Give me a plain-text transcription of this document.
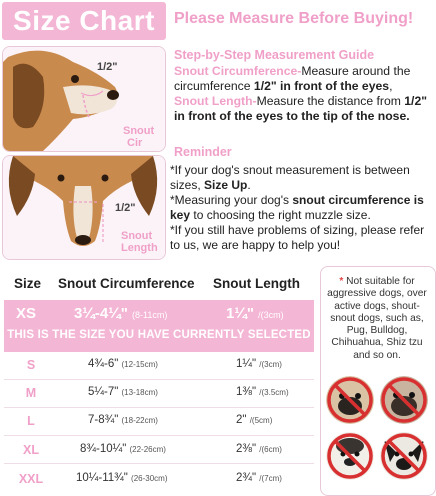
Size Chart Please Measure Before Buying!
1/2"
Snout
Cir
1/2"
Snout
Length
Step-by-Step Measurement Guide
Snout Circumference-Measure around the circumference 1/2" in front of the eyes,
Snout Length-Measure the distance from 1/2" in front of the eyes to the tip of the nose.
Reminder
*If your dog's snout measurement is between sizes, Size Up.
*Measuring your dog's snout circumference is key to choosing the right muzzle size.
*If you still have problems of sizing, please refer to us, we are happy to help you!
Size Snout Circumference Snout Length
XS	3¼-4¼" (8-11cm)	1¼" /(3cm)
THIS IS THE SIZE YOU HAVE CURRENTLY SELECTED
S	4¾-6" (12-15cm)	1¼" /(3cm)
M	5¼-7" (13-18cm)	1⅜" /(3.5cm)
L	7-8¾" (18-22cm)	2" /(5cm)
XL	8¾-10¼" (22-26cm)	2⅜" /(6cm)
XXL	10¼-11¾" (26-30cm)	2¾" /(7cm)
* Not suitable for aggressive dogs, over active dogs, shout-snout dogs, such as, Pug, Bulldog, Chihuahua, Shiz tzu and so on.
